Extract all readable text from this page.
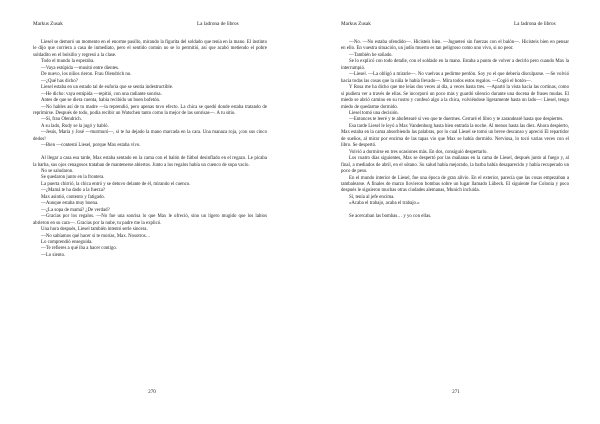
Markus Zusak	La ladrona de libros

Liesel se demoró un momento en el enorme pasillo, mirando la figurita del soldado que tenía en la mano. El instinto le dijo que corriera a casa de inmediato, pero el sentido común no se lo permitió, así que acabó metiendo el pobre soldadito en el bolsillo y regresó a la clase.

Todo el mundo la esperaba.

—Vaya estúpida —musitó entre dientes.

De nuevo, los niños rieron. Frau Olendrich no.

—¿Qué has dicho?

Liesel estaba en un estado tal de euforia que se sentía indestructible.

—He dicho: vaya estúpida —repitió, con una radiante sonrisa.

Antes de que se diera cuenta, había recibido un buen bofetón.

—No hables así de tu madre —la reprendió, pero apenas tuvo efecto. La chica se quedó donde estaba tratando de reprimirse. Después de todo, podía recibir un Watschen tanto como la mejor de las sonrisas—. A tu sitio.

—Sí, frau Olendrich.

A su lado, Rudy se la jugó y habló.

—Jesús, María y José —murmuró—, si te ha dejado la mano marcada en la cara. Una manaza roja, ¡con sus cinco dedos!

—Bien —contestó Liesel, porque Max estaba vivo.

Al llegar a casa esa tarde, Max estaba sentado en la cama con el balón de fútbol desinflado en el regazo. Le picaba la barba, sus ojos cenagosos trataban de mantenerse abiertos. Junto a los regalos había un cuenco de sopa vacío.

No se saludaron.

Se quedaron junto en la frontera.

La puerta chirrió, la chica entró y se detuvo delante de él, mirando el cuenco.

—¿Mamá te ha dado a la fuerza?

Max asintió, contento y fatigado.

—Aunque estaba muy buena.

—¿La sopa de mamá? ¿De verdad?

—Gracias por los regalos. —No fue una sonrisa lo que Max le ofreció, sino un ligero mugido que los labios abrieron en su cara—. Gracias por la nube, tu padre me la explicó.

Una hora después, Liesel también intentó serle sincera.

—No sabíamos qué hacer si te morías, Max. Nosotros…

Lo comprendió enseguida.

—Te refieres a qué iba a hacer contigo.

—Lo siento.

270
Markus Zusak	La ladrona de libros

—No. —No estaba ofendido—. Hicisteis bien. —Jugueteó sin fuerzas con el balón—. Hicisteis bien en pensar en ello. En vuestra situación, un judío muerto es tan peligroso como uno vivo, si no peor.

—También he soñado.

Se lo explicó con todo detalle, con el soldado en la mano. Estaba a punto de volver a decirlo pero cuando Max la interrumpió.

—Liesel. —La obligó a mirarle—. No vuelvas a pedirme perdón. Soy yo el que debería disculparse. —Se volvió hacia todas las cosas que la niña le había llevado—. Mira todos estos regalos. —Cogió el botón—.

Y Rosa me ha dicho que me leías dos veces al día, a veces hasta tres. —Apartó la vista hacia las cortinas, como si pudiera ver a través de ellas. Se incorporó un poco más y guardó silencio durante una docena de frases mudas. El miedo se abrió camino en su rostro y confesó algo a la chica, volviéndose ligeramente hasta un lado—: Liesel, tengo miedo de quedarme dormido.

Liesel tomó una decisión.

—Entonces te leeré y te abofetearé si veo que te duermes. Cerraré el libro y te zarandearé hasta que despiertes.

Esa tarde Liesel le leyó a Max Vandenburg hasta bien entrada la noche. Al menos hasta las diez. Ahora despierto, Max estaba en la cama absorbiendo las palabras, por lo cual Liesel se tomó un breve descanso y apreció El repartidor de sueños, al mirar por encima de las tapas vio que Max se había dormido. Nerviosa, lo tocó varias veces con el libro. Se despertó.

Volvió a dormirse en tres ocasiones más. En dos, consiguió despertarlo.

Los cuatro días siguientes, Max se despertó por las mañanas en la cama de Liesel, después junto al fuego y, al final, a mediados de abril, en el sótano. Su salud había mejorado, la barba había desaparecido y había recuperado un poco de peso.

En el mundo interior de Liesel, fue una época de gran alivio. En el exterior, parecía que las cosas empezaban a tambalearse. A finales de marzo llovieron bombas sobre un lugar llamado Lübeck. El siguiente fue Colonia y poco después le siguieron muchas otras ciudades alemanas, Munich incluida.

Sí, tenía al jefe encima.

«Acaba el trabajo, acaba el trabajo.»

Se acercaban las bombas… y yo con ellas.

271
